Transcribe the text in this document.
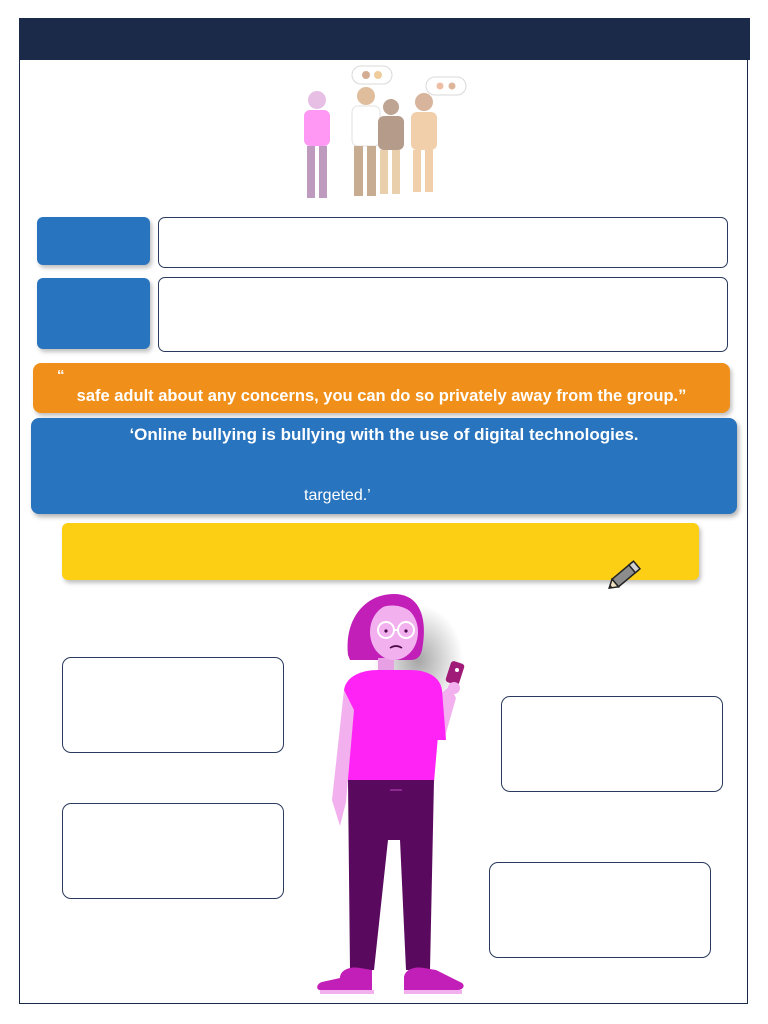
“
safe adult about any concerns, you can do so privately away from the group.”
‘Online bullying is bullying with the use of digital technologies.
targeted.’
